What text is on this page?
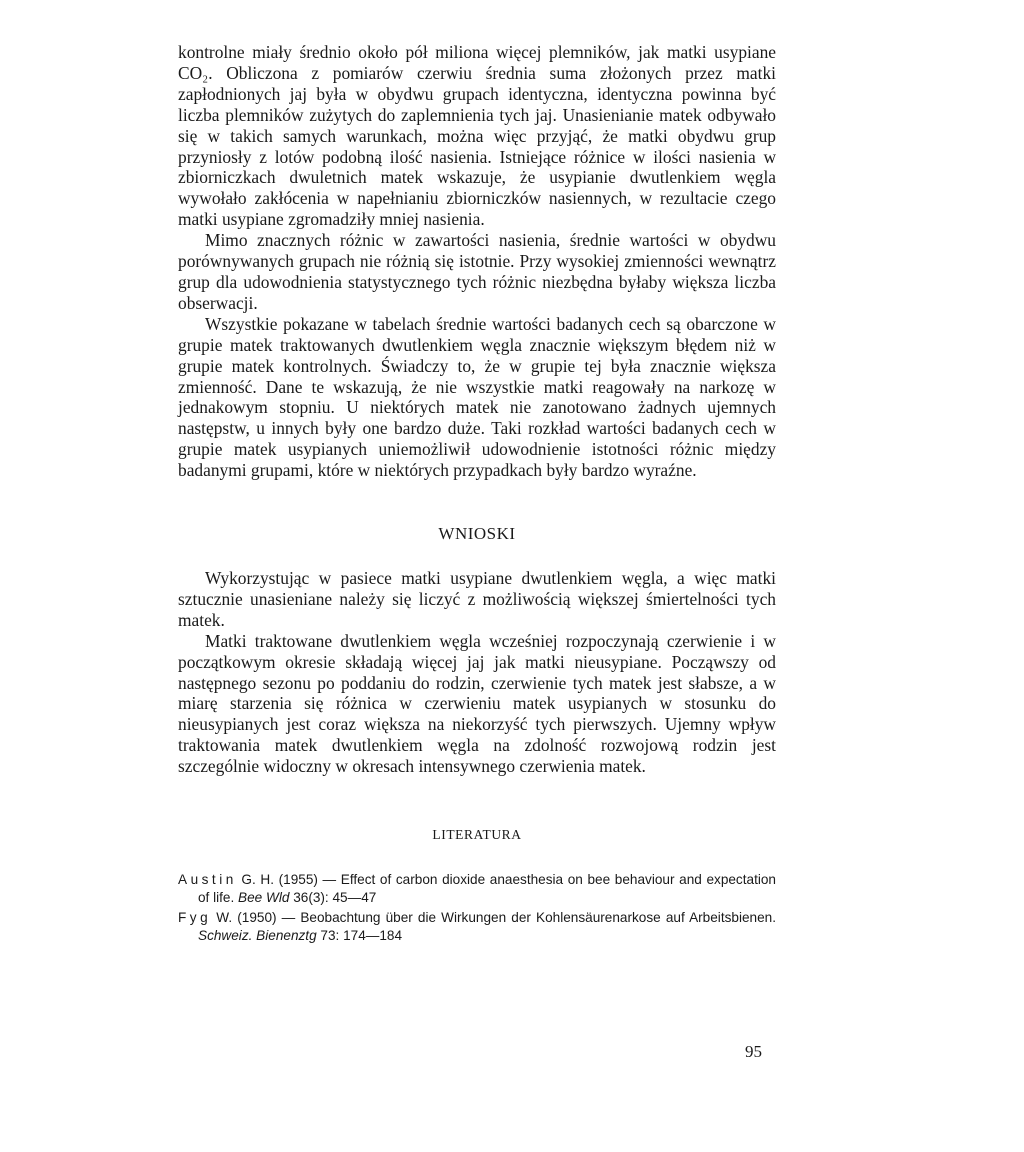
kontrolne miały średnio około pół miliona więcej plemników, jak matki usypiane CO₂. Obliczona z pomiarów czerwiu średnia suma złożonych przez matki zapłodnionych jaj była w obydwu grupach identyczna, identyczna powinna być liczba plemników zużytych do zaplemnienia tych jaj. Unasienianie matek odbywało się w takich samych warunkach, można więc przyjąć, że matki obydwu grup przyniosły z lotów podobną ilość nasienia. Istniejące różnice w ilości nasienia w zbiorniczkach dwuletnich matek wskazuje, że usypianie dwutlenkiem węgla wywołało zakłócenia w napełnianiu zbiorniczków nasiennych, w rezultacie czego matki usypiane zgromadziły mniej nasienia.

Mimo znacznych różnic w zawartości nasienia, średnie wartości w obydwu porównywanych grupach nie różnią się istotnie. Przy wysokiej zmienności wewnątrz grup dla udowodnienia statystycznego tych różnic niezbędna byłaby większa liczba obserwacji.

Wszystkie pokazane w tabelach średnie wartości badanych cech są obarczone w grupie matek traktowanych dwutlenkiem węgla znacznie większym błędem niż w grupie matek kontrolnych. Świadczy to, że w grupie tej była znacznie większa zmienność. Dane te wskazują, że nie wszystkie matki reagowały na narkozę w jednakowym stopniu. U niektórych matek nie zanotowano żadnych ujemnych następstw, u innych były one bardzo duże. Taki rozkład wartości badanych cech w grupie matek usypianych uniemożliwił udowodnienie istotności różnic między badanymi grupami, które w niektórych przypadkach były bardzo wyraźne.

WNIOSKI

Wykorzystując w pasiece matki usypiane dwutlenkiem węgla, a więc matki sztucznie unasieniane należy się liczyć z możliwością większej śmiertelności tych matek.

Matki traktowane dwutlenkiem węgla wcześniej rozpoczynają czerwienie i w początkowym okresie składają więcej jaj jak matki nieusypiane. Począwszy od następnego sezonu po poddaniu do rodzin, czerwienie tych matek jest słabsze, a w miarę starzenia się różnica w czerwieniu matek usypianych w stosunku do nieusypianych jest coraz większa na niekorzyść tych pierwszych. Ujemny wpływ traktowania matek dwutlenkiem węgla na zdolność rozwojową rodzin jest szczególnie widoczny w okresach intensywnego czerwienia matek.

LITERATURA

Austin G. H. (1955) — Effect of carbon dioxide anaesthesia on bee behaviour and expectation of life. Bee Wld 36(3): 45—47

Fyg W. (1950) — Beobachtung über die Wirkungen der Kohlensäurenarkose auf Arbeitsbienen. Schweiz. Bienenztg 73: 174—184

95
